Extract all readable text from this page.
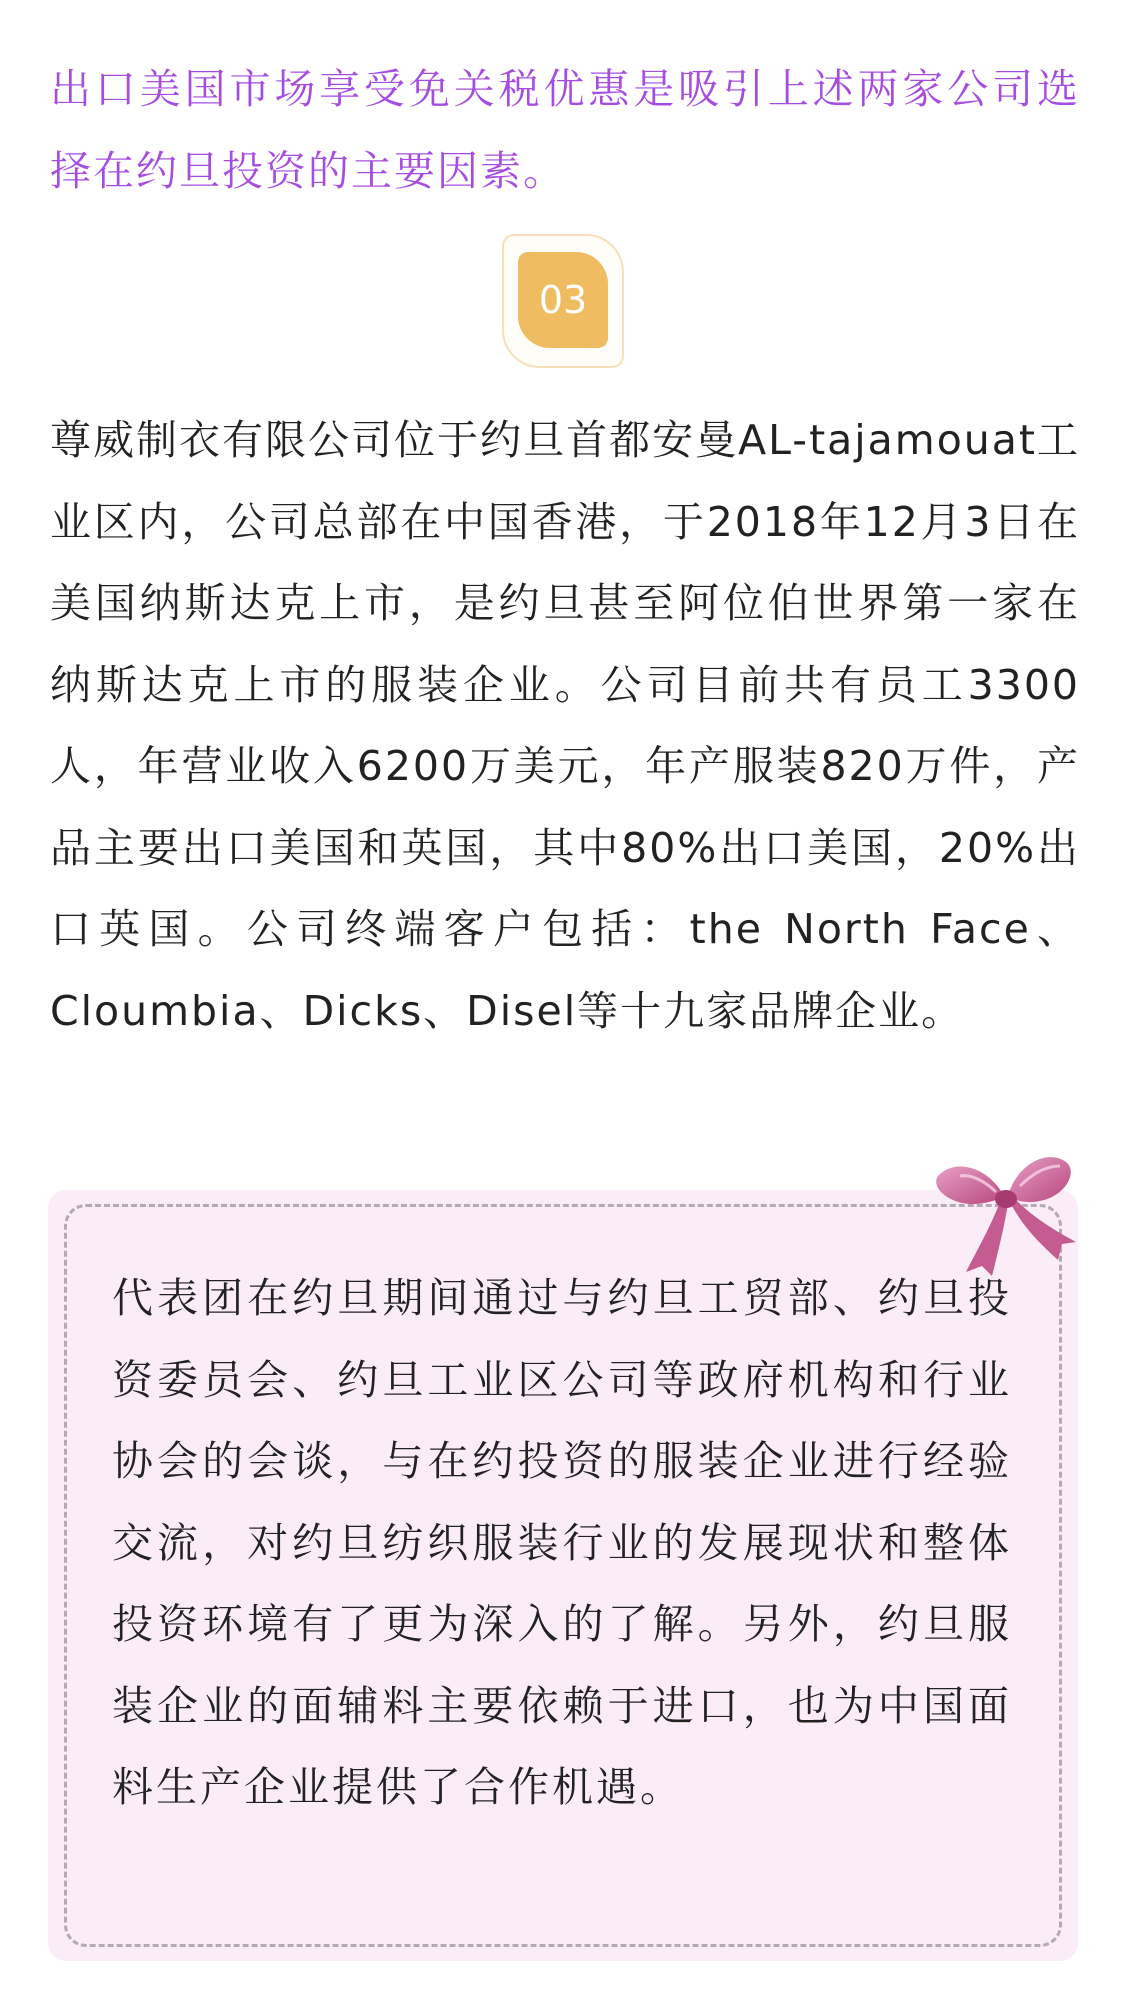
出口美国市场享受免关税优惠是吸引上述两家公司选择在约旦投资的主要因素。

03

尊威制衣有限公司位于约旦首都安曼AL-tajamouat工业区内，公司总部在中国香港，于2018年12月3日在美国纳斯达克上市，是约旦甚至阿位伯世界第一家在纳斯达克上市的服装企业。公司目前共有员工3300人，年营业收入6200万美元，年产服装820万件，产品主要出口美国和英国，其中80%出口美国，20%出口英国。公司终端客户包括：the North Face、Cloumbia、Dicks、Disel等十九家品牌企业。

代表团在约旦期间通过与约旦工贸部、约旦投资委员会、约旦工业区公司等政府机构和行业协会的会谈，与在约投资的服装企业进行经验交流，对约旦纺织服装行业的发展现状和整体投资环境有了更为深入的了解。另外，约旦服装企业的面辅料主要依赖于进口，也为中国面料生产企业提供了合作机遇。
